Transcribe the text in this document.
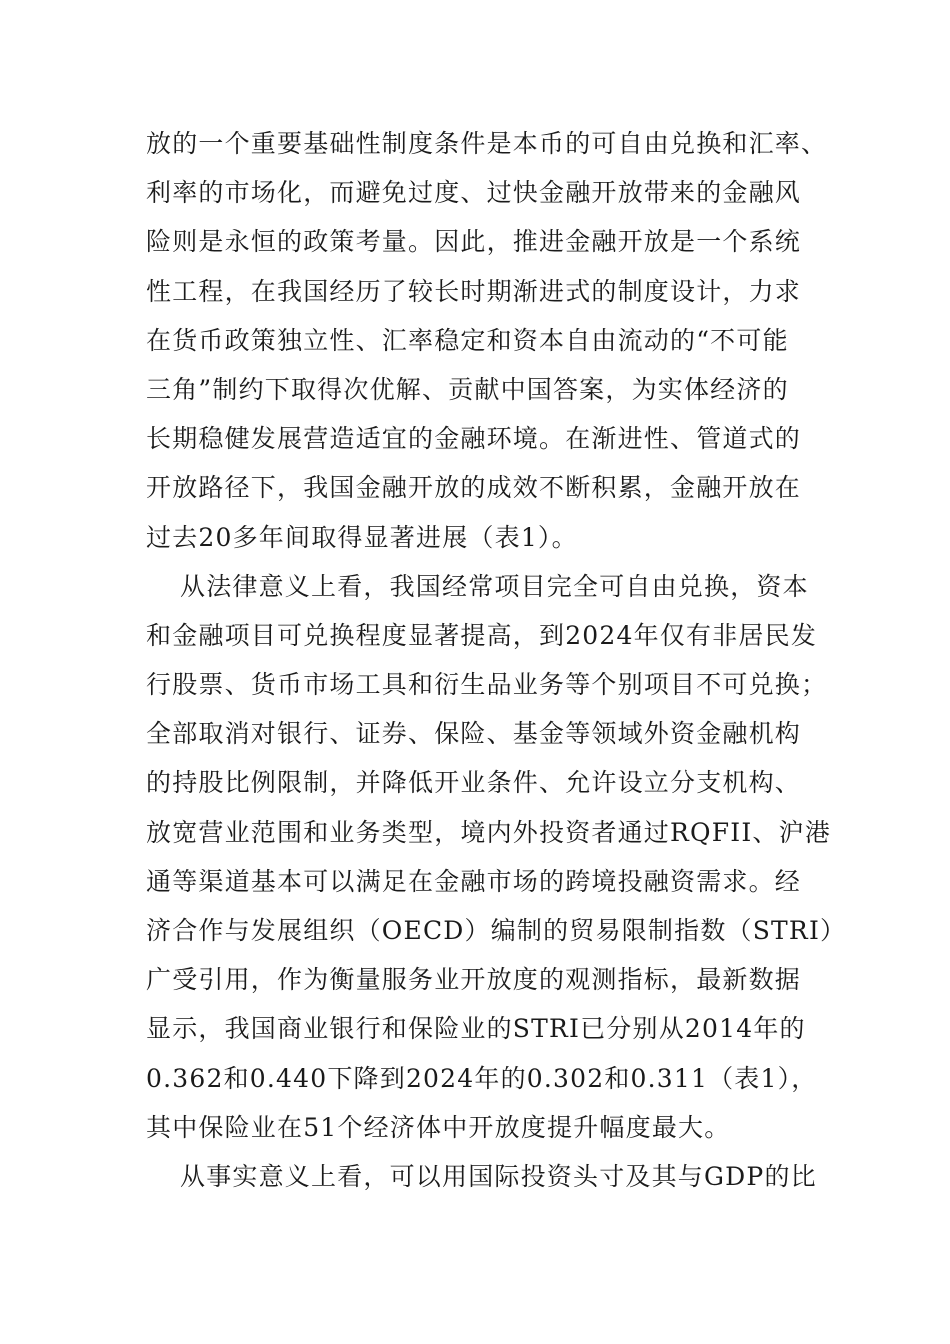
放的一个重要基础性制度条件是本币的可自由兑换和汇率、
利率的市场化，而避免过度、过快金融开放带来的金融风
险则是永恒的政策考量。因此，推进金融开放是一个系统
性工程，在我国经历了较长时期渐进式的制度设计，力求
在货币政策独立性、汇率稳定和资本自由流动的“不可能
三角”制约下取得次优解、贡献中国答案，为实体经济的
长期稳健发展营造适宜的金融环境。在渐进性、管道式的
开放路径下，我国金融开放的成效不断积累，金融开放在
过去20多年间取得显著进展（表1）。
从法律意义上看，我国经常项目完全可自由兑换，资本
和金融项目可兑换程度显著提高，到2024年仅有非居民发
行股票、货币市场工具和衍生品业务等个别项目不可兑换；
全部取消对银行、证券、保险、基金等领域外资金融机构
的持股比例限制，并降低开业条件、允许设立分支机构、
放宽营业范围和业务类型，境内外投资者通过RQFII、沪港
通等渠道基本可以满足在金融市场的跨境投融资需求。经
济合作与发展组织（OECD）编制的贸易限制指数（STRI）
广受引用，作为衡量服务业开放度的观测指标，最新数据
显示，我国商业银行和保险业的STRI已分别从2014年的
0.362和0.440下降到2024年的0.302和0.311（表1），
其中保险业在51个经济体中开放度提升幅度最大。
从事实意义上看，可以用国际投资头寸及其与GDP的比
